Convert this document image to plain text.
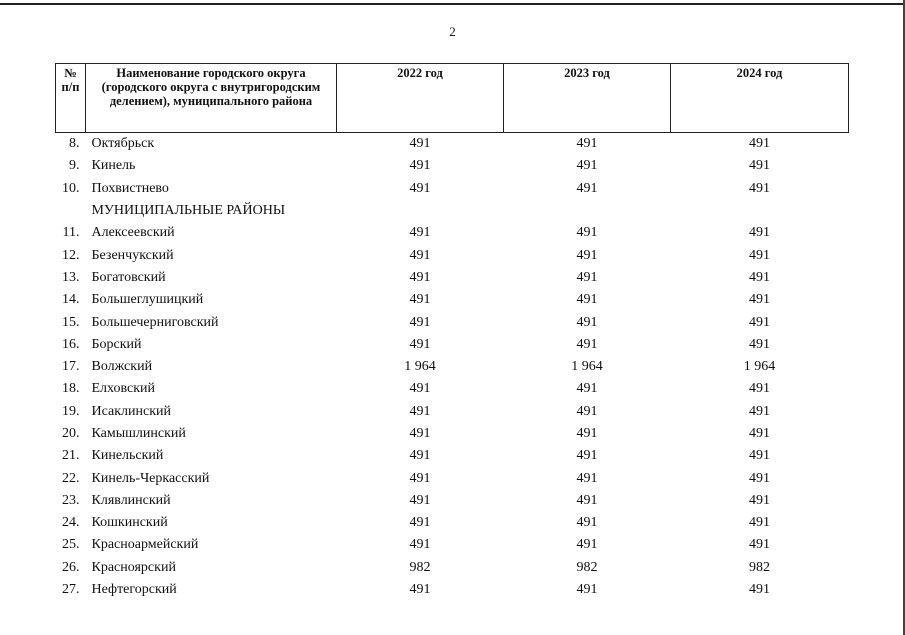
2
№ п/п	Наименование городского округа (городского округа с внутригородским делением), муниципального района	2022 год	2023 год	2024 год
8.	Октябрьск	491	491	491
9.	Кинель	491	491	491
10.	Похвистнево	491	491	491
	МУНИЦИПАЛЬНЫЕ РАЙОНЫ			
11.	Алексеевский	491	491	491
12.	Безенчукский	491	491	491
13.	Богатовский	491	491	491
14.	Большеглушицкий	491	491	491
15.	Большечерниговский	491	491	491
16.	Борский	491	491	491
17.	Волжский	1 964	1 964	1 964
18.	Елховский	491	491	491
19.	Исаклинский	491	491	491
20.	Камышлинский	491	491	491
21.	Кинельский	491	491	491
22.	Кинель-Черкасский	491	491	491
23.	Клявлинский	491	491	491
24.	Кошкинский	491	491	491
25.	Красноармейский	491	491	491
26.	Красноярский	982	982	982
27.	Нефтегорский	491	491	491
